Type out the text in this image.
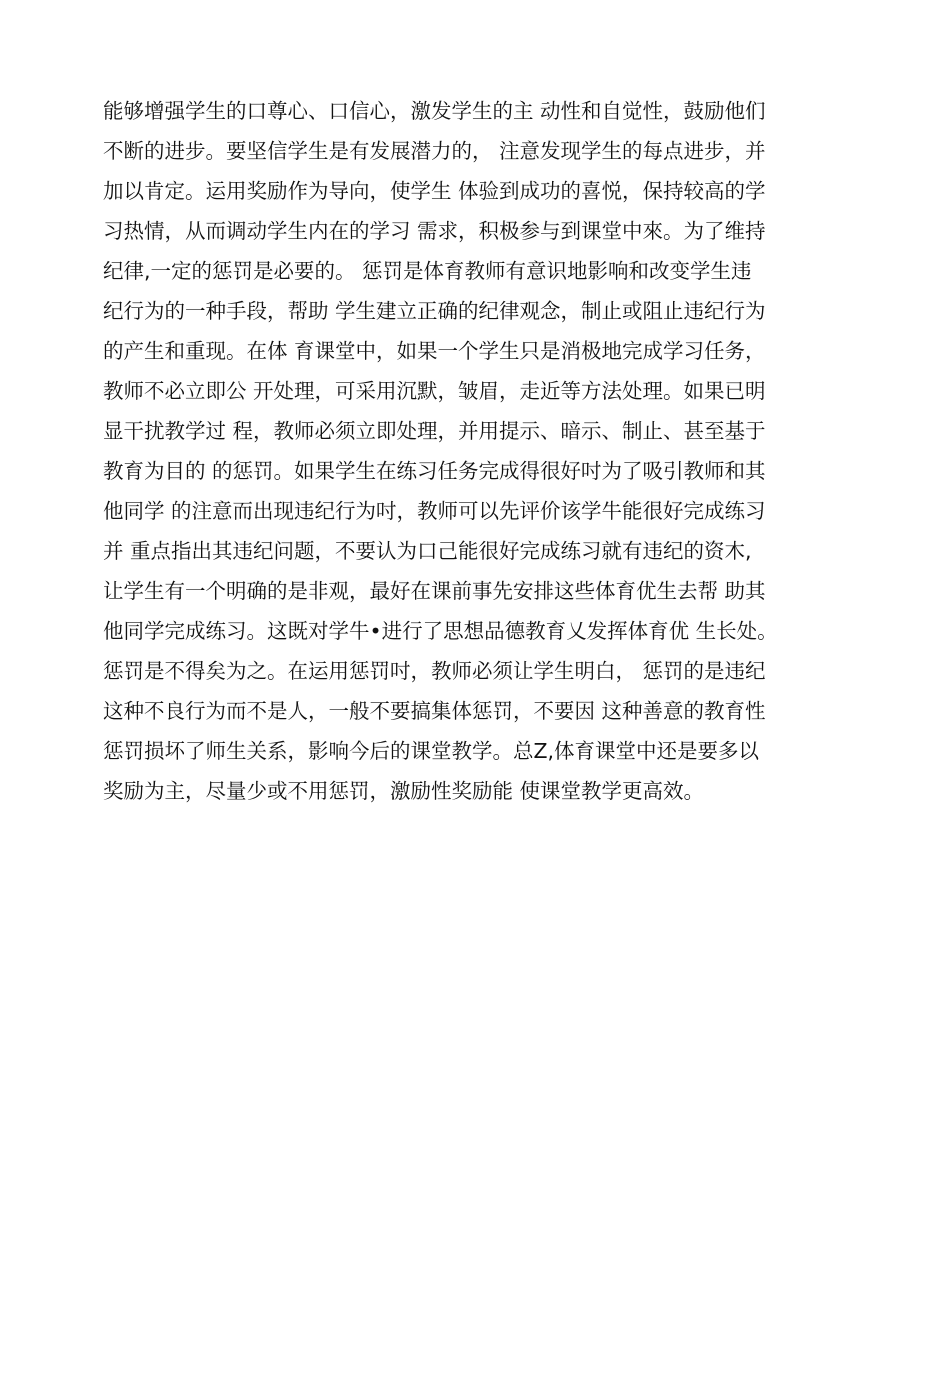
能够增强学生的口尊心、口信心，激发学生的主 动性和自觉性，鼓励他们
不断的进步。要坚信学生是有发展潜力的， 注意发现学生的每点进步，并
加以肯定。运用奖励作为导向，使学生 体验到成功的喜悦，保持较高的学
习热情，从而调动学生内在的学习 需求，积极参与到课堂中來。为了维持
纪律,一定的惩罚是必要的。 惩罚是体育教师有意识地影响和改变学生违
纪行为的一种手段，帮助 学生建立正确的纪律观念，制止或阻止违纪行为
的产生和重现。在体 育课堂中，如果一个学生只是消极地完成学习任务，
教师不必立即公 开处理，可采用沉默，皱眉，走近等方法处理。如果已明
显干扰教学过 程，教师必须立即处理，并用提示、暗示、制止、甚至基于
教育为目的 的惩罚。如果学生在练习任务完成得很好吋为了吸引教师和其
他同学 的注意而出现违纪行为吋，教师可以先评价该学牛能很好完成练习
并 重点指出其违纪问题，不要认为口己能很好完成练习就有违纪的资木,
让学生有一个明确的是非观，最好在课前事先安排这些体育优生去帮 助其
他同学完成练习。这既对学牛•进行了思想品德教育乂发挥体育优 生长处。
惩罚是不得矣为之。在运用惩罚吋，教师必须让学生明白， 惩罚的是违纪
这种不良行为而不是人，一般不要搞集体惩罚，不要因 这种善意的教育性
惩罚损坏了师生关系，影响今后的课堂教学。总Z,体育课堂中还是要多以
奖励为主，尽量少或不用惩罚，激励性奖励能 使课堂教学更高效。
